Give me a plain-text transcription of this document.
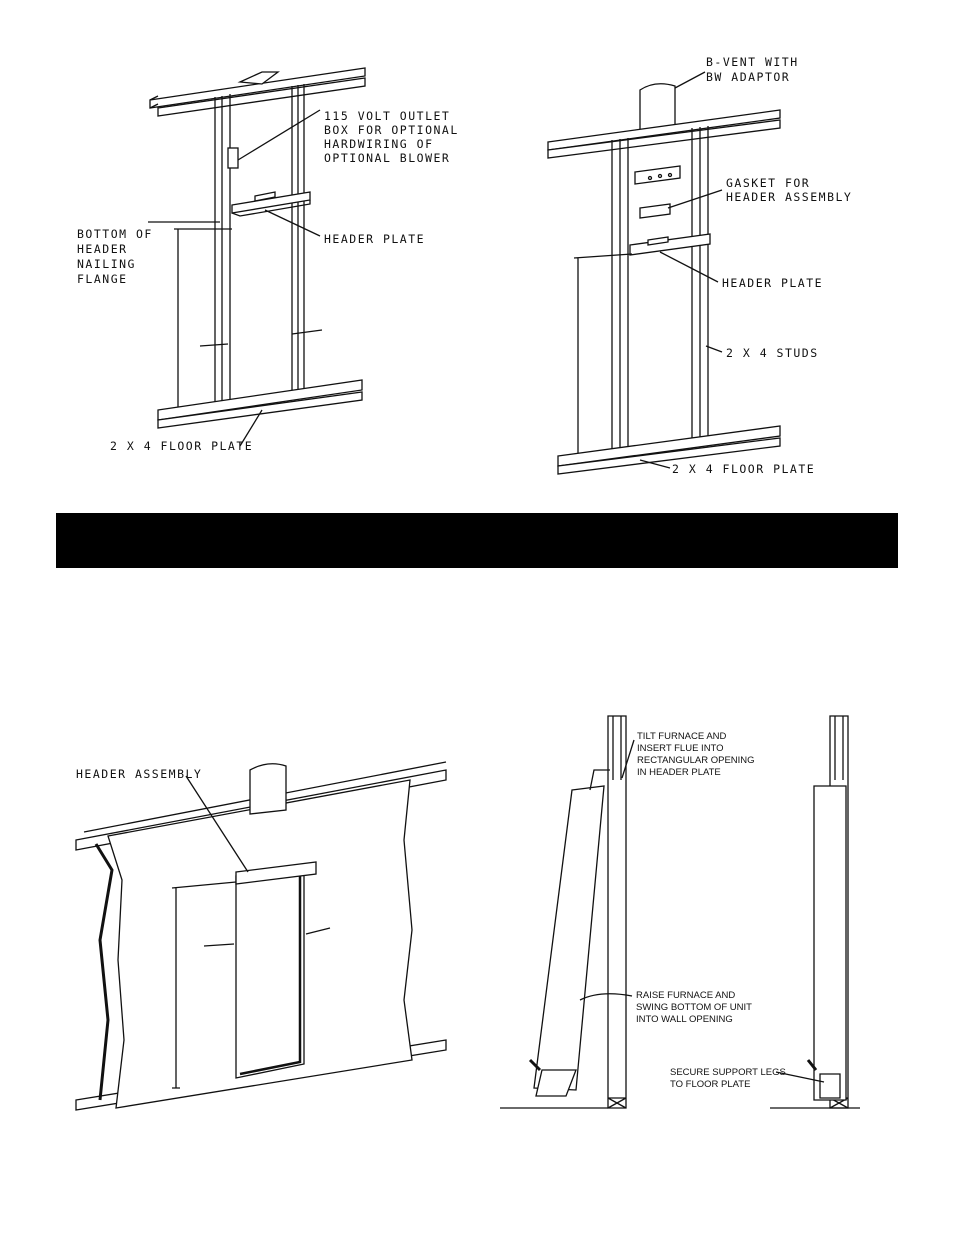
115 VOLT OUTLET
BOX FOR OPTIONAL
HARDWIRING OF
OPTIONAL BLOWER
BOTTOM OF
HEADER
NAILING
FLANGE
HEADER PLATE
2 X 4 FLOOR PLATE
B-VENT WITH
BW ADAPTOR
GASKET FOR
HEADER ASSEMBLY
HEADER PLATE
2 X 4 STUDS
2 X 4 FLOOR PLATE
HEADER ASSEMBLY
TILT FURNACE AND
INSERT FLUE INTO
RECTANGULAR OPENING
IN HEADER PLATE
RAISE FURNACE AND
SWING BOTTOM OF UNIT
INTO WALL OPENING
SECURE SUPPORT LEGS
TO FLOOR PLATE
